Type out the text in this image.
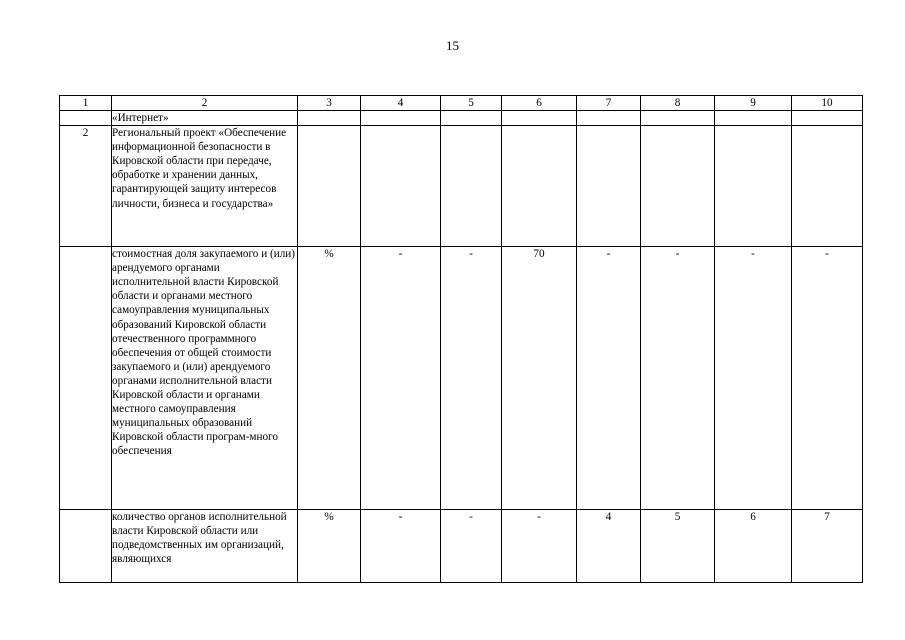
15
1	2	3	4	5	6	7	8	9	10
	«Интернет»								
2	Региональный проект «Обеспечение информационной безопасности в Кировской области при передаче, обработке и хранении данных, гарантирующей защиту интересов личности, бизнеса и государства»								
	стоимостная доля закупаемого и (или) арендуемого органами исполнительной власти Кировской области и органами местного самоуправления муниципальных образований Кировской области отечественного программного обеспечения от общей стоимости закупаемого и (или) арендуемого органами исполнительной власти Кировской области и органами местного самоуправления муниципальных образований Кировской области програм-много обеспечения	%	-	-	70	-	-	-	-
	количество органов исполнительной власти Кировской области или подведомственных им организаций, являющихся	%	-	-	-	4	5	6	7
